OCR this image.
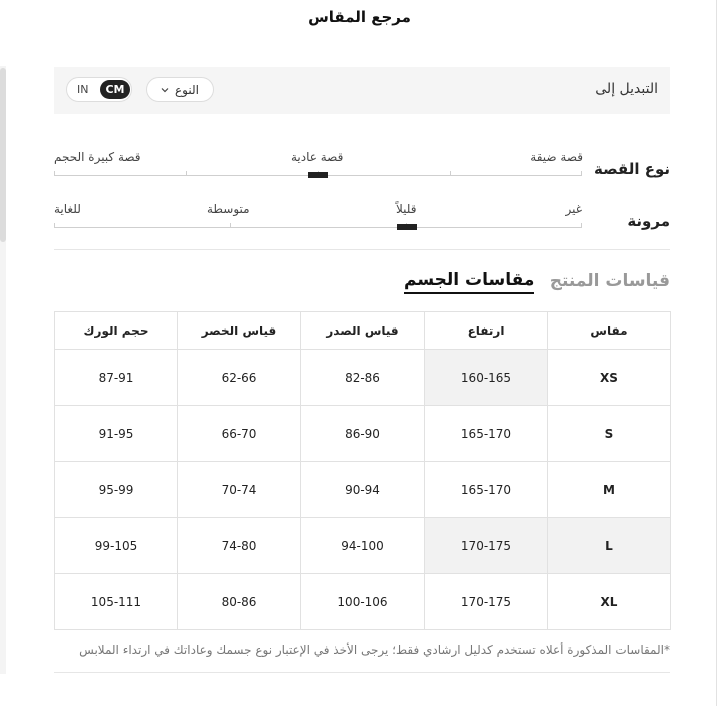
مرجع المقاس
التبديل إلى
النوع
IN	CM
نوع القصة
قصة ضيقة
قصة عادية
قصة كبيرة الحجم
مرونة
غير
قليلاً
متوسطة
للغاية
قياسات المنتج
مقاسات الجسم
حجم الورك	قياس الخصر	قياس الصدر	ارتفاع	مقاس
87-91	62-66	82-86	160-165	XS
91-95	66-70	86-90	165-170	S
95-99	70-74	90-94	165-170	M
99-105	74-80	94-100	170-175	L
105-111	80-86	100-106	170-175	XL
*المقاسات المذكورة أعلاه تستخدم كدليل ارشادي فقط؛ يرجى الأخذ في الإعتبار نوع جسمك وعاداتك في ارتداء الملابس
